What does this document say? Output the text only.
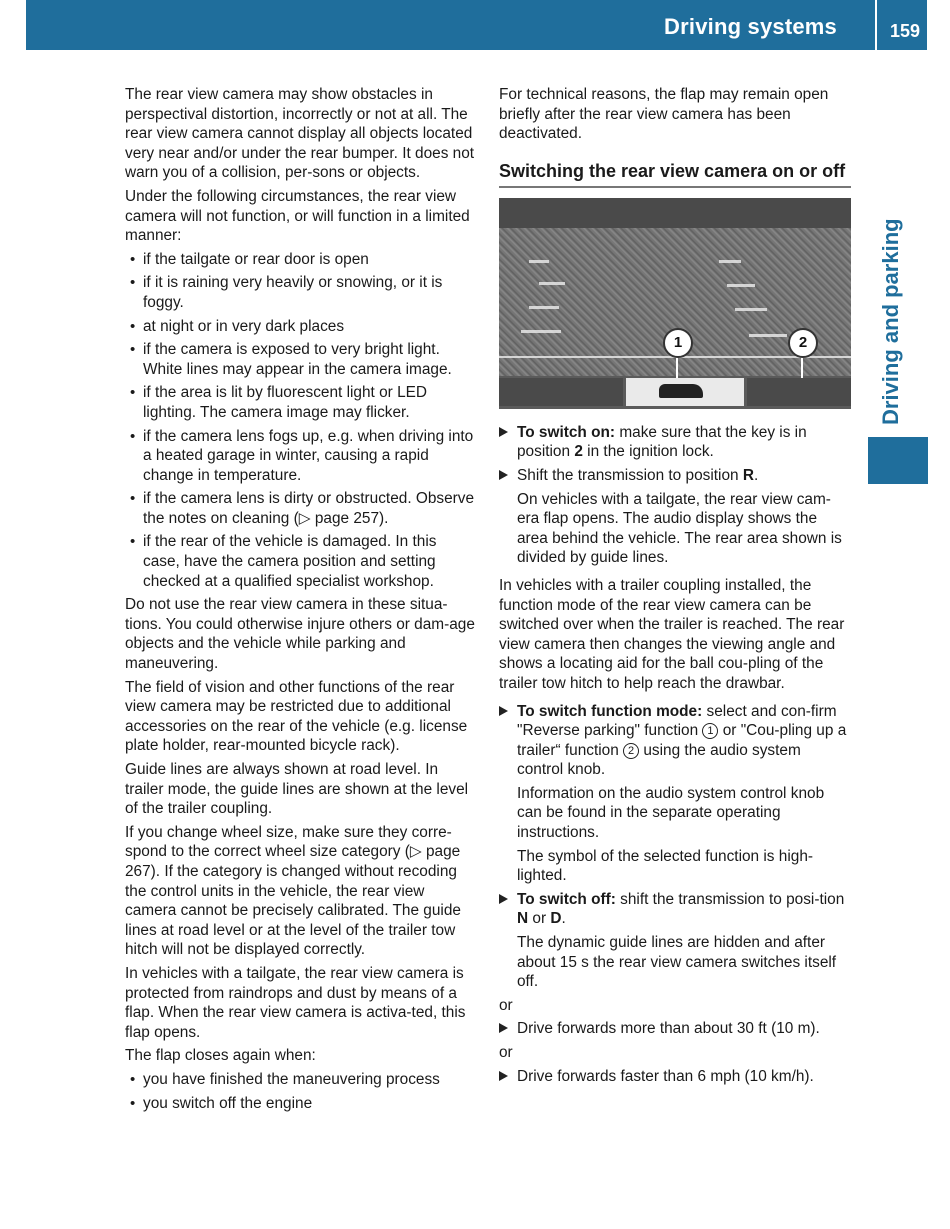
Driving systems	159
Driving and parking

The rear view camera may show obstacles in perspectival distortion, incorrectly or not at all. The rear view camera cannot display all objects located very near and/or under the rear bumper. It does not warn you of a collision, per-sons or objects.

Under the following circumstances, the rear view camera will not function, or will function in a limited manner:

• if the tailgate or rear door is open
• if it is raining very heavily or snowing, or it is foggy.
• at night or in very dark places
• if the camera is exposed to very bright light. White lines may appear in the camera image.
• if the area is lit by fluorescent light or LED lighting. The camera image may flicker.
• if the camera lens fogs up, e.g. when driving into a heated garage in winter, causing a rapid change in temperature.
• if the camera lens is dirty or obstructed. Observe the notes on cleaning (▷ page 257).
• if the rear of the vehicle is damaged. In this case, have the camera position and setting checked at a qualified specialist workshop.

Do not use the rear view camera in these situa-tions. You could otherwise injure others or dam-age objects and the vehicle while parking and maneuvering.

The field of vision and other functions of the rear view camera may be restricted due to additional accessories on the rear of the vehicle (e.g. license plate holder, rear-mounted bicycle rack).

Guide lines are always shown at road level. In trailer mode, the guide lines are shown at the level of the trailer coupling.

If you change wheel size, make sure they corre-spond to the correct wheel size category (▷ page 267). If the category is changed without recoding the control units in the vehicle, the rear view camera cannot be precisely calibrated. The guide lines at road level or at the level of the trailer tow hitch will not be displayed correctly.

In vehicles with a tailgate, the rear view camera is protected from raindrops and dust by means of a flap. When the rear view camera is activa-ted, this flap opens.

The flap closes again when:

• you have finished the maneuvering process
• you switch off the engine

For technical reasons, the flap may remain open briefly after the rear view camera has been deactivated.

Switching the rear view camera on or off
1	2
To switch on: make sure that the key is in position 2 in the ignition lock.
Shift the transmission to position R.
On vehicles with a tailgate, the rear view cam-era flap opens. The audio display shows the area behind the vehicle. The rear area shown is divided by guide lines.

In vehicles with a trailer coupling installed, the function mode of the rear view camera can be switched over when the trailer is reached. The rear view camera then changes the viewing angle and shows a locating aid for the ball cou-pling of the trailer tow hitch to help reach the drawbar.

To switch function mode: select and con-firm "Reverse parking" function 1 or "Cou-pling up a trailer“ function 2 using the audio system control knob.
Information on the audio system control knob can be found in the separate operating instructions.
The symbol of the selected function is high-lighted.
To switch off: shift the transmission to posi-tion N or D.
The dynamic guide lines are hidden and after about 15 s the rear view camera switches itself off.

or

Drive forwards more than about 30 ft (10 m).

or

Drive forwards faster than 6 mph (10 km/h).
